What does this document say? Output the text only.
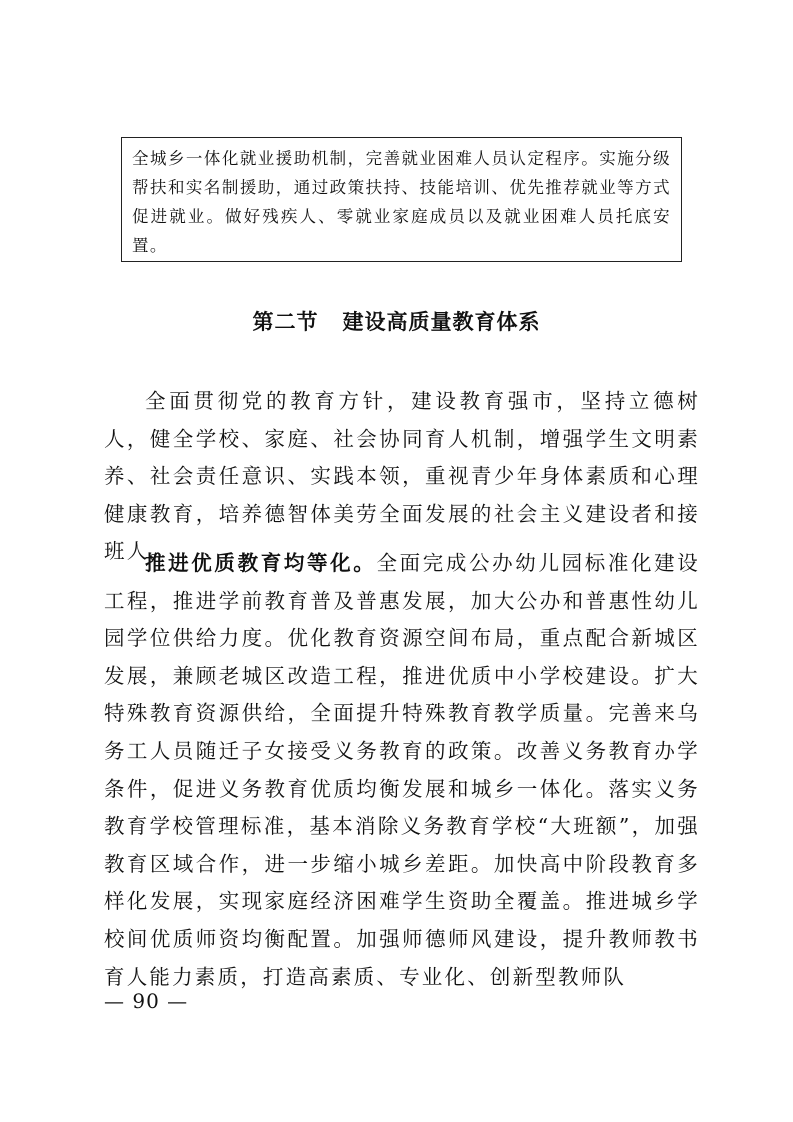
全城乡一体化就业援助机制，完善就业困难人员认定程序。实施分级帮扶和实名制援助，通过政策扶持、技能培训、优先推荐就业等方式促进就业。做好残疾人、零就业家庭成员以及就业困难人员托底安置。
第二节 建设高质量教育体系
全面贯彻党的教育方针，建设教育强市，坚持立德树人，健全学校、家庭、社会协同育人机制，增强学生文明素养、社会责任意识、实践本领，重视青少年身体素质和心理健康教育，培养德智体美劳全面发展的社会主义建设者和接班人。
推进优质教育均等化。全面完成公办幼儿园标准化建设工程，推进学前教育普及普惠发展，加大公办和普惠性幼儿园学位供给力度。优化教育资源空间布局，重点配合新城区发展，兼顾老城区改造工程，推进优质中小学校建设。扩大特殊教育资源供给，全面提升特殊教育教学质量。完善来乌务工人员随迁子女接受义务教育的政策。改善义务教育办学条件，促进义务教育优质均衡发展和城乡一体化。落实义务教育学校管理标准，基本消除义务教育学校“大班额”，加强教育区域合作，进一步缩小城乡差距。加快高中阶段教育多样化发展，实现家庭经济困难学生资助全覆盖。推进城乡学校间优质师资均衡配置。加强师德师风建设，提升教师教书育人能力素质，打造高素质、专业化、创新型教师队
— 90 —
